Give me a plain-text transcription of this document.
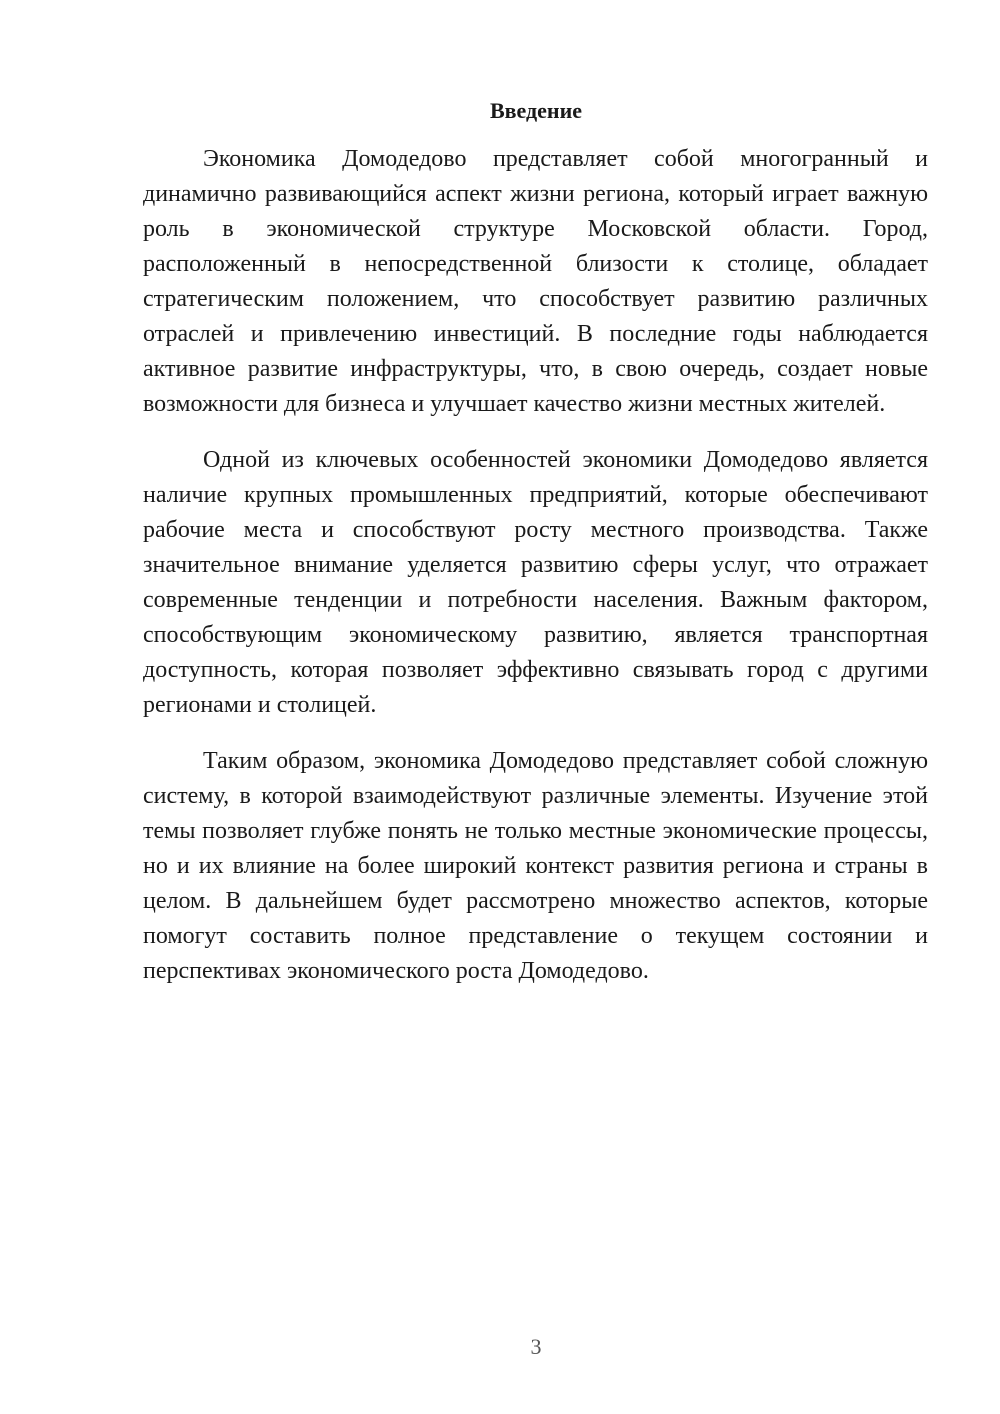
Введение

Экономика Домодедово представляет собой многогранный и динамично развивающийся аспект жизни региона, который играет важную роль в экономической структуре Московской области. Город, расположенный в непосредственной близости к столице, обладает стратегическим положением, что способствует развитию различных отраслей и привлечению инвестиций. В последние годы наблюдается активное развитие инфраструктуры, что, в свою очередь, создает новые возможности для бизнеса и улучшает качество жизни местных жителей.

Одной из ключевых особенностей экономики Домодедово является наличие крупных промышленных предприятий, которые обеспечивают рабочие места и способствуют росту местного производства. Также значительное внимание уделяется развитию сферы услуг, что отражает современные тенденции и потребности населения. Важным фактором, способствующим экономическому развитию, является транспортная доступность, которая позволяет эффективно связывать город с другими регионами и столицей.

Таким образом, экономика Домодедово представляет собой сложную систему, в которой взаимодействуют различные элементы. Изучение этой темы позволяет глубже понять не только местные экономические процессы, но и их влияние на более широкий контекст развития региона и страны в целом. В дальнейшем будет рассмотрено множество аспектов, которые помогут составить полное представление о текущем состоянии и перспективах экономического роста Домодедово.

3
